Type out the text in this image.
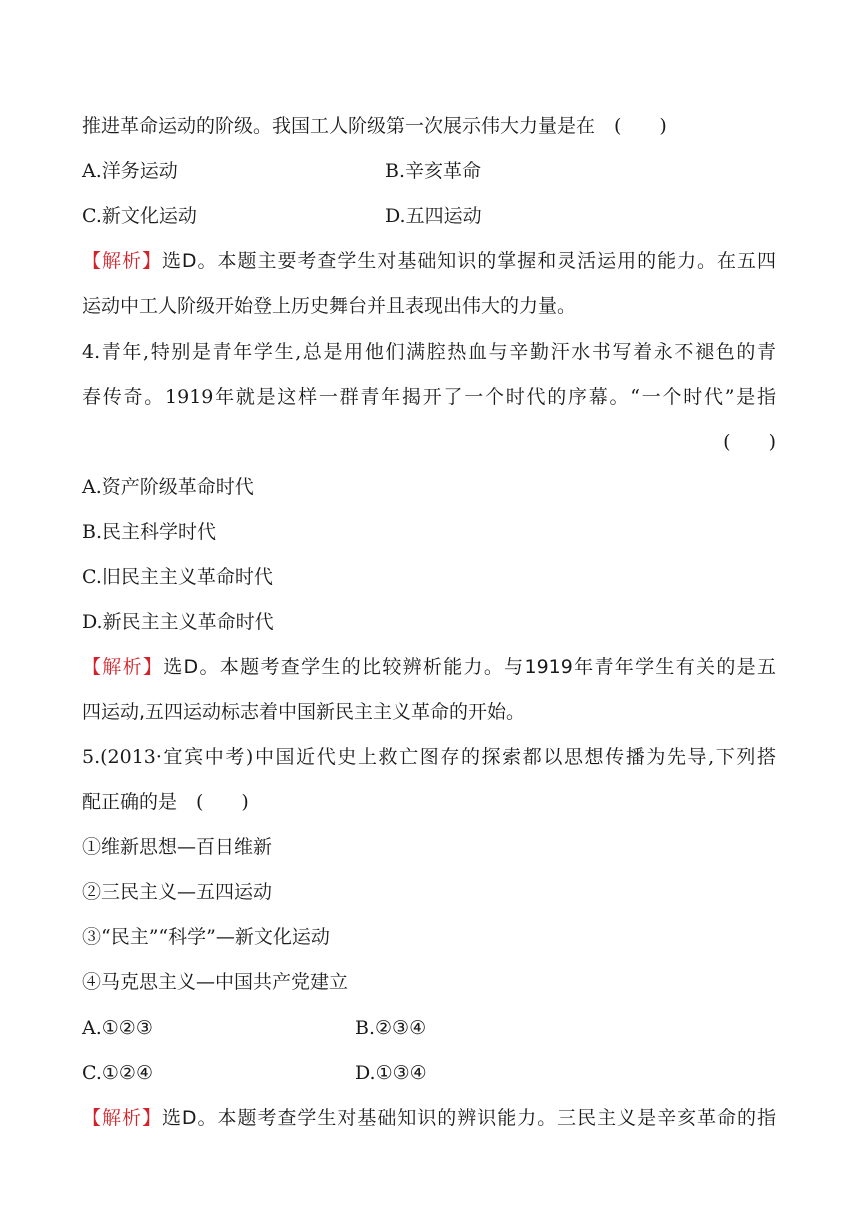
推进革命运动的阶级。我国工人阶级第一次展示伟大力量是在　(　　)
A.洋务运动	B.辛亥革命
C.新文化运动	D.五四运动
【解析】选D。本题主要考查学生对基础知识的掌握和灵活运用的能力。在五四
运动中工人阶级开始登上历史舞台并且表现出伟大的力量。
4.青年,特别是青年学生,总是用他们满腔热血与辛勤汗水书写着永不褪色的青
春传奇。1919年就是这样一群青年揭开了一个时代的序幕。“一个时代”是指
(　　)
A.资产阶级革命时代
B.民主科学时代
C.旧民主主义革命时代
D.新民主主义革命时代
【解析】选D。本题考查学生的比较辨析能力。与1919年青年学生有关的是五
四运动,五四运动标志着中国新民主主义革命的开始。
5.(2013·宜宾中考)中国近代史上救亡图存的探索都以思想传播为先导,下列搭
配正确的是　(　　)
①维新思想—百日维新
②三民主义—五四运动
③“民主”“科学”—新文化运动
④马克思主义—中国共产党建立
A.①②③	B.②③④
C.①②④	D.①③④
【解析】选D。本题考查学生对基础知识的辨识能力。三民主义是辛亥革命的指
